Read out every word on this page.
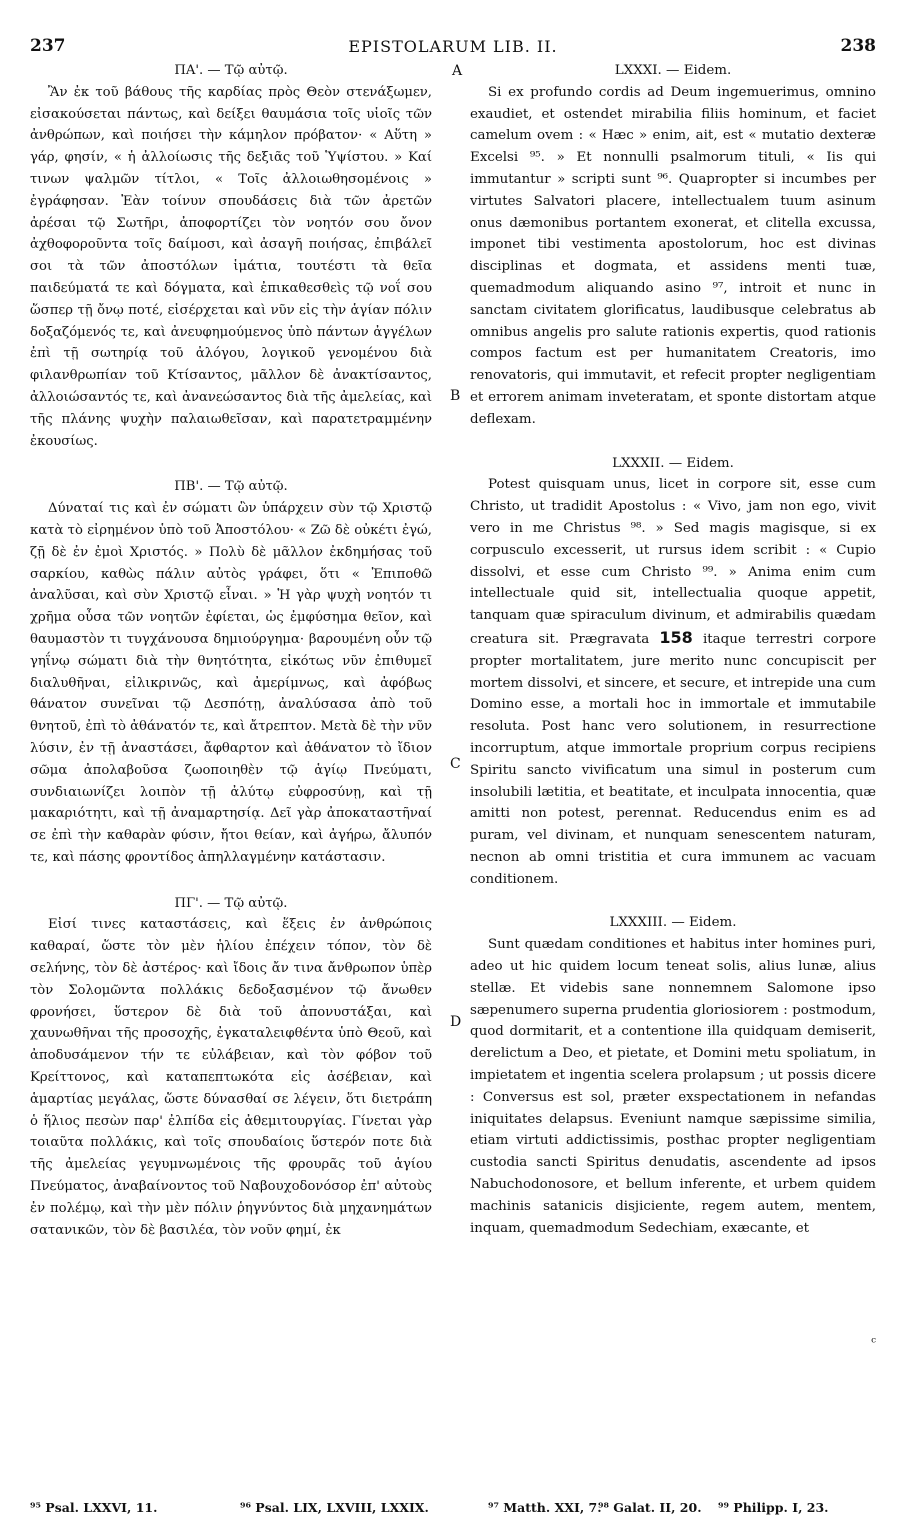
237	EPISTOLARUM LIB. II.	238

ΠΑ'. — Τῷ αὐτῷ.

Ἂν ἐκ τοῦ βάθους τῆς καρδίας πρὸς Θεὸν στενάξωμεν, εἰσακούσεται πάντως, καὶ δείξει θαυμάσια τοῖς υἱοῖς τῶν ἀνθρώπων, καὶ ποιήσει τὴν κάμηλον πρόβατον· « Αὕτη » γάρ, φησίν, « ἡ ἀλλοίωσις τῆς δεξιᾶς τοῦ Ὑψίστου. » Καί τινων ψαλμῶν τίτλοι, « Τοῖς ἀλλοιωθησομένοις » ἐγράφησαν. Ἐὰν τοίνυν σπουδάσεις διὰ τῶν ἀρετῶν ἀρέσαι τῷ Σωτῆρι, ἀποφορτίζει τὸν νοητόν σου ὄνον ἀχθοφοροῦντα τοῖς δαίμοσι, καὶ ἀσαγῆ ποιήσας, ἐπιβάλεῖ σοι τὰ τῶν ἀποστόλων ἱμάτια, τουτέστι τὰ θεῖα παιδεύματά τε καὶ δόγματα, καὶ ἐπικαθεσθεὶς τῷ νοΐ σου ὥσπερ τῇ ὄνῳ ποτέ, εἰσέρχεται καὶ νῦν εἰς τὴν ἁγίαν πόλιν δοξαζόμενός τε, καὶ ἀνευφημούμενος ὑπὸ πάντων ἀγγέλων ἐπὶ τῇ σωτηρίᾳ τοῦ ἀλόγου, λογικοῦ γενομένου διὰ φιλανθρωπίαν τοῦ Κτίσαντος, μᾶλλον δὲ ἀνακτίσαντος, ἀλλοιώσαντός τε, καὶ ἀνανεώσαντος διὰ τῆς ἀμελείας, καὶ τῆς πλάνης ψυχὴν παλαιωθεῖσαν, καὶ παρατετραμμένην ἐκουσίως.

ΠΒ'. — Τῷ αὐτῷ.

Δύναταί τις καὶ ἐν σώματι ὢν ὑπάρχειν σὺν τῷ Χριστῷ κατὰ τὸ εἰρημένον ὑπὸ τοῦ Ἀποστόλου· « Ζῶ δὲ οὐκέτι ἐγώ, ζῇ δὲ ἐν ἐμοὶ Χριστός. » Πολὺ δὲ μᾶλλον ἐκδημήσας τοῦ σαρκίου, καθὼς πάλιν αὐτὸς γράφει, ὅτι « Ἐπιποθῶ ἀναλῦσαι, καὶ σὺν Χριστῷ εἶναι. » Ἡ γὰρ ψυχὴ νοητόν τι χρῆμα οὖσα τῶν νοητῶν ἐφίεται, ὡς ἐμφύσημα θεῖον, καὶ θαυμαστὸν τι τυγχάνουσα δημιούργημα· βαρουμένη οὖν τῷ γηΐνῳ σώματι διὰ τὴν θνητότητα, εἰκότως νῦν ἐπιθυμεῖ διαλυθῆναι, εἰλικρινῶς, καὶ ἀμερίμνως, καὶ ἀφόβως θάνατον συνεῖναι τῷ Δεσπότῃ, ἀναλύσασα ἀπὸ τοῦ θνητοῦ, ἐπὶ τὸ ἀθάνατόν τε, καὶ ἄτρεπτον. Μετὰ δὲ τὴν νῦν λύσιν, ἐν τῇ ἀναστάσει, ἄφθαρτον καὶ ἀθάνατον τὸ ἴδιον σῶμα ἀπολαβοῦσα ζωοποιηθὲν τῷ ἁγίῳ Πνεύματι, συνδιαιωνίζει λοιπὸν τῇ ἀλύτῳ εὐφροσύνῃ, καὶ τῇ μακαριότητι, καὶ τῇ ἀναμαρτησίᾳ. Δεῖ γὰρ ἀποκαταστῆναί σε ἐπὶ τὴν καθαρὰν φύσιν, ἤτοι θείαν, καὶ ἀγήρω, ἄλυπόν τε, καὶ πάσης φροντίδος ἀπηλλαγμένην κατάστασιν.

ΠΓ'. — Τῷ αὐτῷ.

Εἰσί τινες καταστάσεις, καὶ ἕξεις ἐν ἀνθρώποις καθαραί, ὥστε τὸν μὲν ἡλίου ἐπέχειν τόπον, τὸν δὲ σελήνης, τὸν δὲ ἀστέρος· καὶ ἴδοις ἄν τινα ἄνθρωπον ὑπὲρ τὸν Σολομῶντα πολλάκις δεδοξασμένον τῷ ἄνωθεν φρονήσει, ὕστερον δὲ διὰ τοῦ ἀπονυστάξαι, καὶ χαυνωθῆναι τῆς προσοχῆς, ἐγκαταλειφθέντα ὑπὸ Θεοῦ, καὶ ἀποδυσάμενον τήν τε εὐλάβειαν, καὶ τὸν φόβον τοῦ Κρείττονος, καὶ καταπεπτωκότα εἰς ἀσέβειαν, καὶ ἁμαρτίας μεγάλας, ὥστε δύνασθαί σε λέγειν, ὅτι διετράπη ὁ ἥλιος πεσὼν παρ' ἐλπίδα εἰς ἀθεμιτουργίας. Γίνεται γὰρ τοιαῦτα πολλάκις, καὶ τοῖς σπουδαίοις ὕστερόν ποτε διὰ τῆς ἀμελείας γεγυμνωμένοις τῆς φρουρᾶς τοῦ ἁγίου Πνεύματος, ἀναβαίνοντος τοῦ Ναβουχοδονόσορ ἐπ' αὐτοὺς ἐν πολέμῳ, καὶ τὴν μὲν πόλιν ῥηγνύντος διὰ μηχανημάτων σατανικῶν, τὸν δὲ βασιλέα, τὸν νοῦν φημί, ἐκ

A
B
C
D

LXXXI. — Eidem.

Si ex profundo cordis ad Deum ingemuerimus, omnino exaudiet, et ostendet mirabilia filiis hominum, et faciet camelum ovem : « Hæc » enim, ait, est « mutatio dexteræ Excelsi ⁹⁵. » Et nonnulli psalmorum tituli, « Iis qui immutantur » scripti sunt ⁹⁶. Quapropter si incumbes per virtutes Salvatori placere, intellectualem tuum asinum onus dæmonibus portantem exonerat, et clitella excussa, imponet tibi vestimenta apostolorum, hoc est divinas disciplinas et dogmata, et assidens menti tuæ, quemadmodum aliquando asino ⁹⁷, introit et nunc in sanctam civitatem glorificatus, laudibusque celebratus ab omnibus angelis pro salute rationis expertis, quod rationis compos factum est per humanitatem Creatoris, imo renovatoris, qui immutavit, et refecit propter negligentiam et errorem animam inveteratam, et sponte distortam atque deflexam.

LXXXII. — Eidem.

Potest quisquam unus, licet in corpore sit, esse cum Christo, ut tradidit Apostolus : « Vivo, jam non ego, vivit vero in me Christus ⁹⁸. » Sed magis magisque, si ex corpusculo excesserit, ut rursus idem scribit : « Cupio dissolvi, et esse cum Christo ⁹⁹. » Anima enim cum intellectuale quid sit, intellectualia quoque appetit, tanquam quæ spiraculum divinum, et admirabilis quædam creatura sit. Prægravata 158 itaque terrestri corpore propter mortalitatem, jure merito nunc concupiscit per mortem dissolvi, et sincere, et secure, et intrepide una cum Domino esse, a mortali hoc in immortale et immutabile resoluta. Post hanc vero solutionem, in resurrectione incorruptum, atque immortale proprium corpus recipiens Spiritu sancto vivificatum una simul in posterum cum insolubili lætitia, et beatitate, et inculpata innocentia, quæ amitti non potest, perennat. Reducendus enim es ad puram, vel divinam, et nunquam senescentem naturam, necnon ab omni tristitia et cura immunem ac vacuam conditionem.

LXXXIII. — Eidem.

Sunt quædam conditiones et habitus inter homines puri, adeo ut hic quidem locum teneat solis, alius lunæ, alius stellæ. Et videbis sane nonnemnem Salomone ipso sæpenumero superna prudentia gloriosiorem : postmodum, quod dormitarit, et a contentione illa quidquam demiserit, derelictum a Deo, et pietate, et Domini metu spoliatum, in impietatem et ingentia scelera prolapsum ; ut possis dicere : Conversus est sol, præter exspectationem in nefandas iniquitates delapsus. Eveniunt namque sæpissime similia, etiam virtuti addictissimis, posthac propter negligentiam custodia sancti Spiritus denudatis, ascendente ad ipsos Nabuchodonosore, et bellum inferente, et urbem quidem machinis satanicis disjiciente, regem autem, mentem, inquam, quemadmodum Sedechiam, exæcante, et

ᶜ
⁹⁵ Psal. LXXVI, 11.	⁹⁶ Psal. LIX, LXVIII, LXXIX.	⁹⁷ Matth. XXI, 7.
⁹⁸ Galat. II, 20. ⁹⁹ Philipp. I, 23.
